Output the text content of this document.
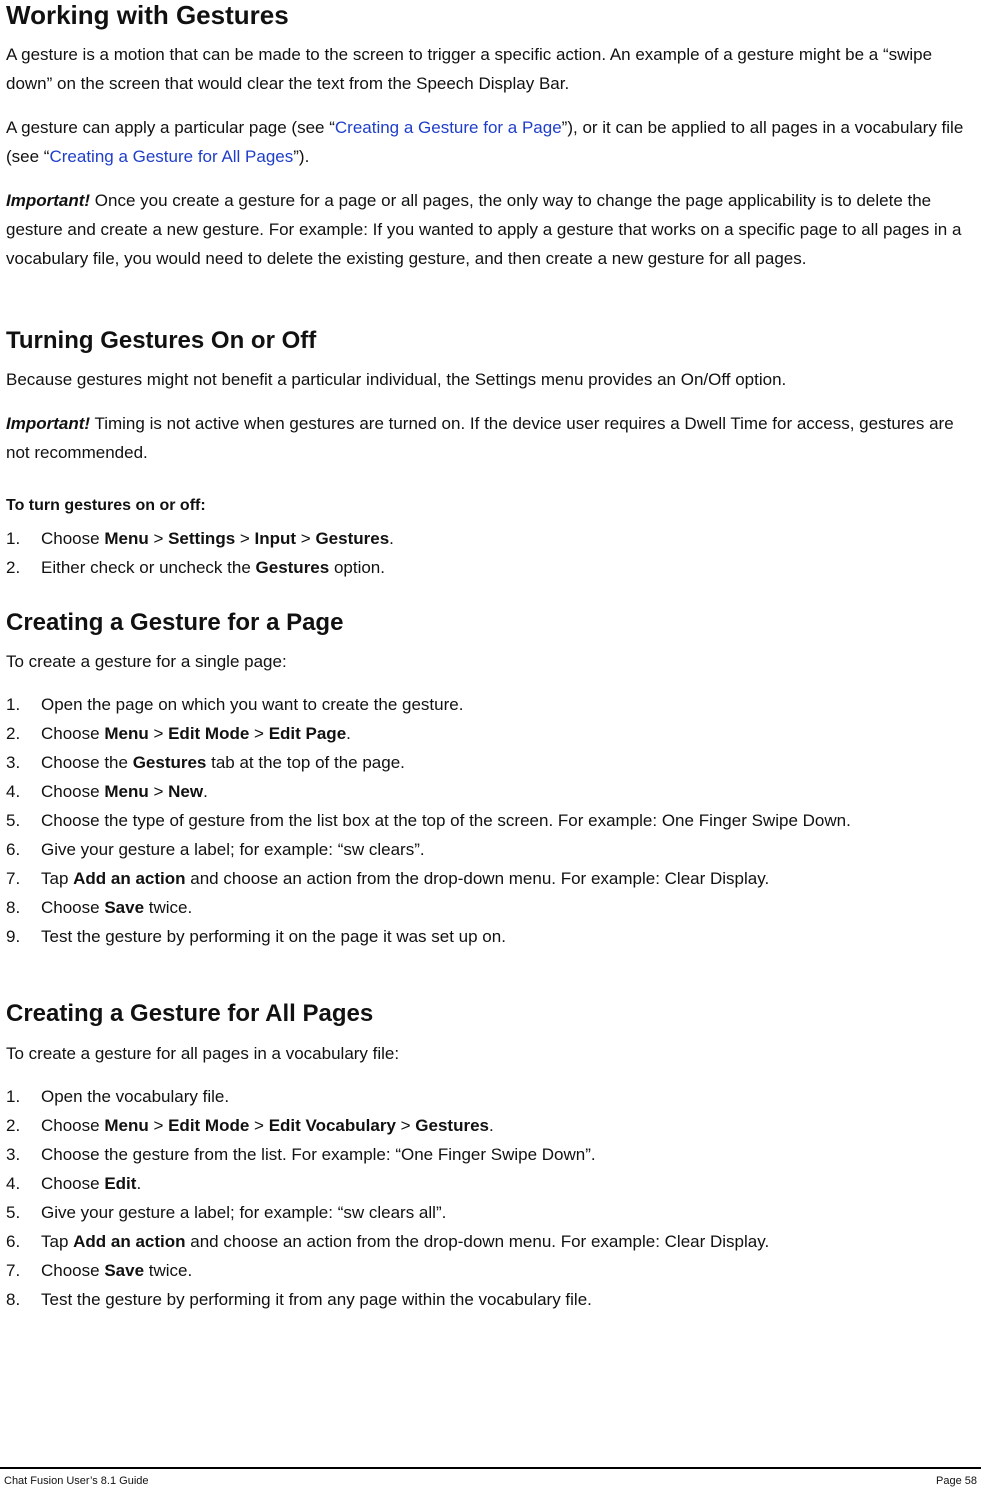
Working with Gestures

A gesture is a motion that can be made to the screen to trigger a specific action. An example of a gesture might be a “swipe down” on the screen that would clear the text from the Speech Display Bar.

A gesture can apply a particular page (see “Creating a Gesture for a Page”), or it can be applied to all pages in a vocabulary file (see “Creating a Gesture for All Pages”).

Important! Once you create a gesture for a page or all pages, the only way to change the page applicability is to delete the gesture and create a new gesture. For example: If you wanted to apply a gesture that works on a specific page to all pages in a vocabulary file, you would need to delete the existing gesture, and then create a new gesture for all pages.

Turning Gestures On or Off

Because gestures might not benefit a particular individual, the Settings menu provides an On/Off option.

Important! Timing is not active when gestures are turned on. If the device user requires a Dwell Time for access, gestures are not recommended.

To turn gestures on or off:

1. Choose Menu > Settings > Input > Gestures.
2. Either check or uncheck the Gestures option.
Creating a Gesture for a Page

To create a gesture for a single page:

1. Open the page on which you want to create the gesture.
2. Choose Menu > Edit Mode > Edit Page.
3. Choose the Gestures tab at the top of the page.
4. Choose Menu > New.
5. Choose the type of gesture from the list box at the top of the screen. For example: One Finger Swipe Down.
6. Give your gesture a label; for example: “sw clears”.
7. Tap Add an action and choose an action from the drop-down menu. For example: Clear Display.
8. Choose Save twice.
9. Test the gesture by performing it on the page it was set up on.
Creating a Gesture for All Pages

To create a gesture for all pages in a vocabulary file:

1. Open the vocabulary file.
2. Choose Menu > Edit Mode > Edit Vocabulary > Gestures.
3. Choose the gesture from the list. For example: “One Finger Swipe Down”.
4. Choose Edit.
5. Give your gesture a label; for example: “sw clears all”.
6. Tap Add an action and choose an action from the drop-down menu. For example: Clear Display.
7. Choose Save twice.
8. Test the gesture by performing it from any page within the vocabulary file.
Chat Fusion User’s 8.1 Guide	Page 58
